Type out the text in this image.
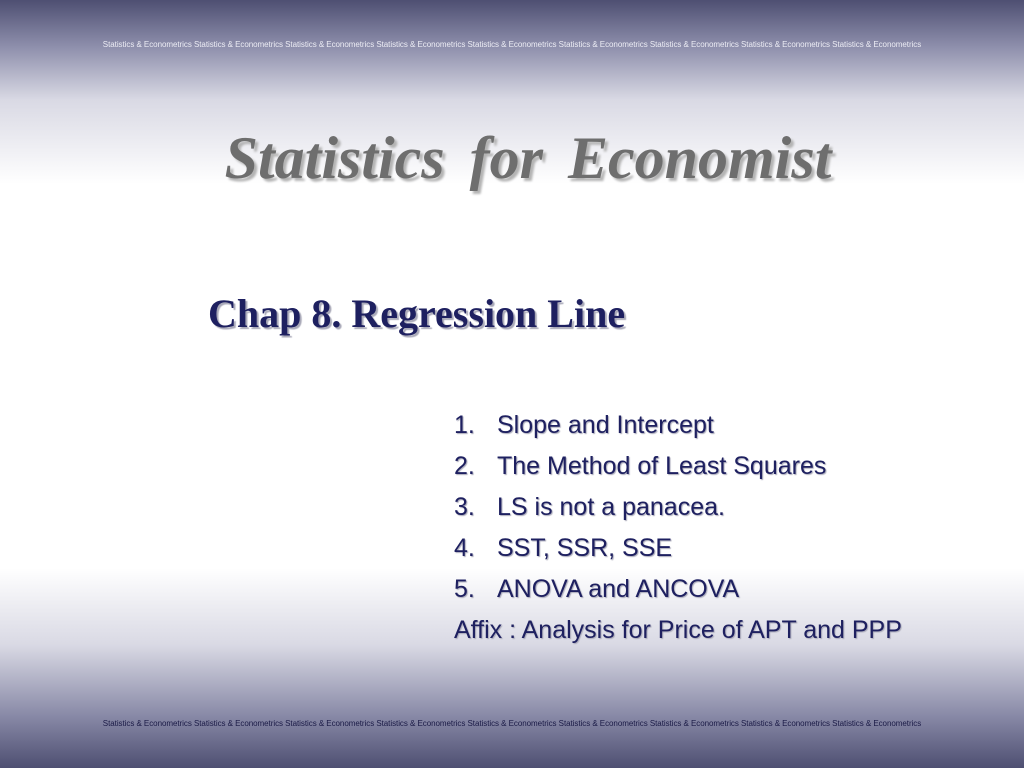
Statistics & Econometrics Statistics & Econometrics Statistics & Econometrics Statistics & Econometrics Statistics & Econometrics Statistics & Econometrics Statistics & Econometrics Statistics & Econometrics Statistics & Econometrics
Statistics for Economist
Chap 8. Regression Line
1. Slope and Intercept
2. The Method of Least Squares
3. LS is not a panacea.
4. SST, SSR, SSE
5. ANOVA and ANCOVA
Affix : Analysis for Price of APT and PPP
Statistics & Econometrics Statistics & Econometrics Statistics & Econometrics Statistics & Econometrics Statistics & Econometrics Statistics & Econometrics Statistics & Econometrics Statistics & Econometrics Statistics & Econometrics
